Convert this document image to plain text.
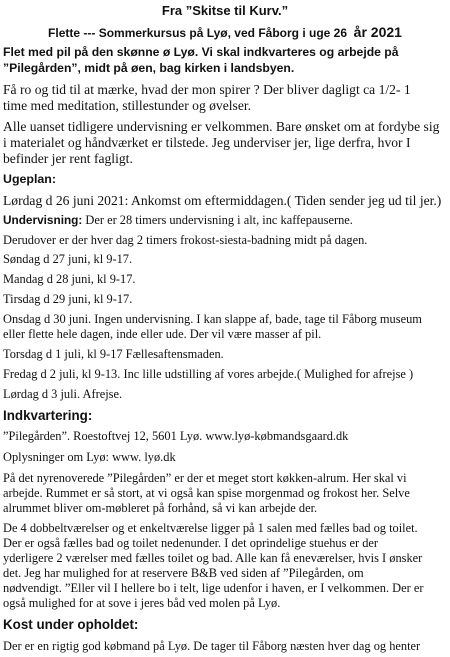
Fra ”Skitse til Kurv.”

Flette --- Sommerkursus på Lyø, ved Fåborg i uge 26 år 2021

Flet med pil på den skønne ø Lyø. Vi skal indkvarteres og arbejde på

”Pilegården”, midt på øen, bag kirken i landsbyen.

Få ro og tid til at mærke, hvad der mon spirer ? Der bliver dagligt ca 1/2- 1

time med meditation, stillestunder og øvelser.

Alle uanset tidligere undervisning er velkommen. Bare ønsket om at fordybe sig

i materialet og håndværket er tilstede. Jeg underviser jer, lige derfra, hvor I

befinder jer rent fagligt.

Ugeplan:

Lørdag d 26 juni 2021: Ankomst om eftermiddagen.( Tiden sender jeg ud til jer.)

Undervisning: Der er 28 timers undervisning i alt, inc kaffepauserne.

Derudover er der hver dag 2 timers frokost-siesta-badning midt på dagen.

Søndag d 27 juni, kl 9-17.

Mandag d 28 juni, kl 9-17.

Tirsdag d 29 juni, kl 9-17.

Onsdag d 30 juni. Ingen undervisning. I kan slappe af, bade, tage til Fåborg museum

eller flette hele dagen, inde eller ude. Der vil være masser af pil.

Torsdag d 1 juli, kl 9-17 Fællesaftensmaden.

Fredag d 2 juli, kl 9-13. Inc lille udstilling af vores arbejde.( Mulighed for afrejse )

Lørdag d 3 juli. Afrejse.

Indkvartering:

”Pilegården”. Roestoftvej 12, 5601 Lyø. www.lyø-købmandsgaard.dk

Oplysninger om Lyø: www. lyø.dk

På det nyrenoverede ”Pilegården” er der et meget stort køkken-alrum. Her skal vi

arbejde. Rummet er så stort, at vi også kan spise morgenmad og frokost her. Selve

alrummet bliver om-møbleret på forhånd, så vi kan arbejde der.

De 4 dobbeltværelser og et enkeltværelse ligger på 1 salen med fælles bad og toilet.

Der er også fælles bad og toilet nedenunder. I det oprindelige stuehus er der

yderligere 2 værelser med fælles toilet og bad. Alle kan få eneværelser, hvis I ønsker

det. Jeg har mulighed for at reservere B&B ved siden af ”Pilegården, om

nødvendigt. ”Eller vil I hellere bo i telt, lige udenfor i haven, er I velkommen. Der er

også mulighed for at sove i jeres båd ved molen på Lyø.

Kost under opholdet:

Der er en rigtig god købmand på Lyø. De tager til Fåborg næsten hver dag og henter
